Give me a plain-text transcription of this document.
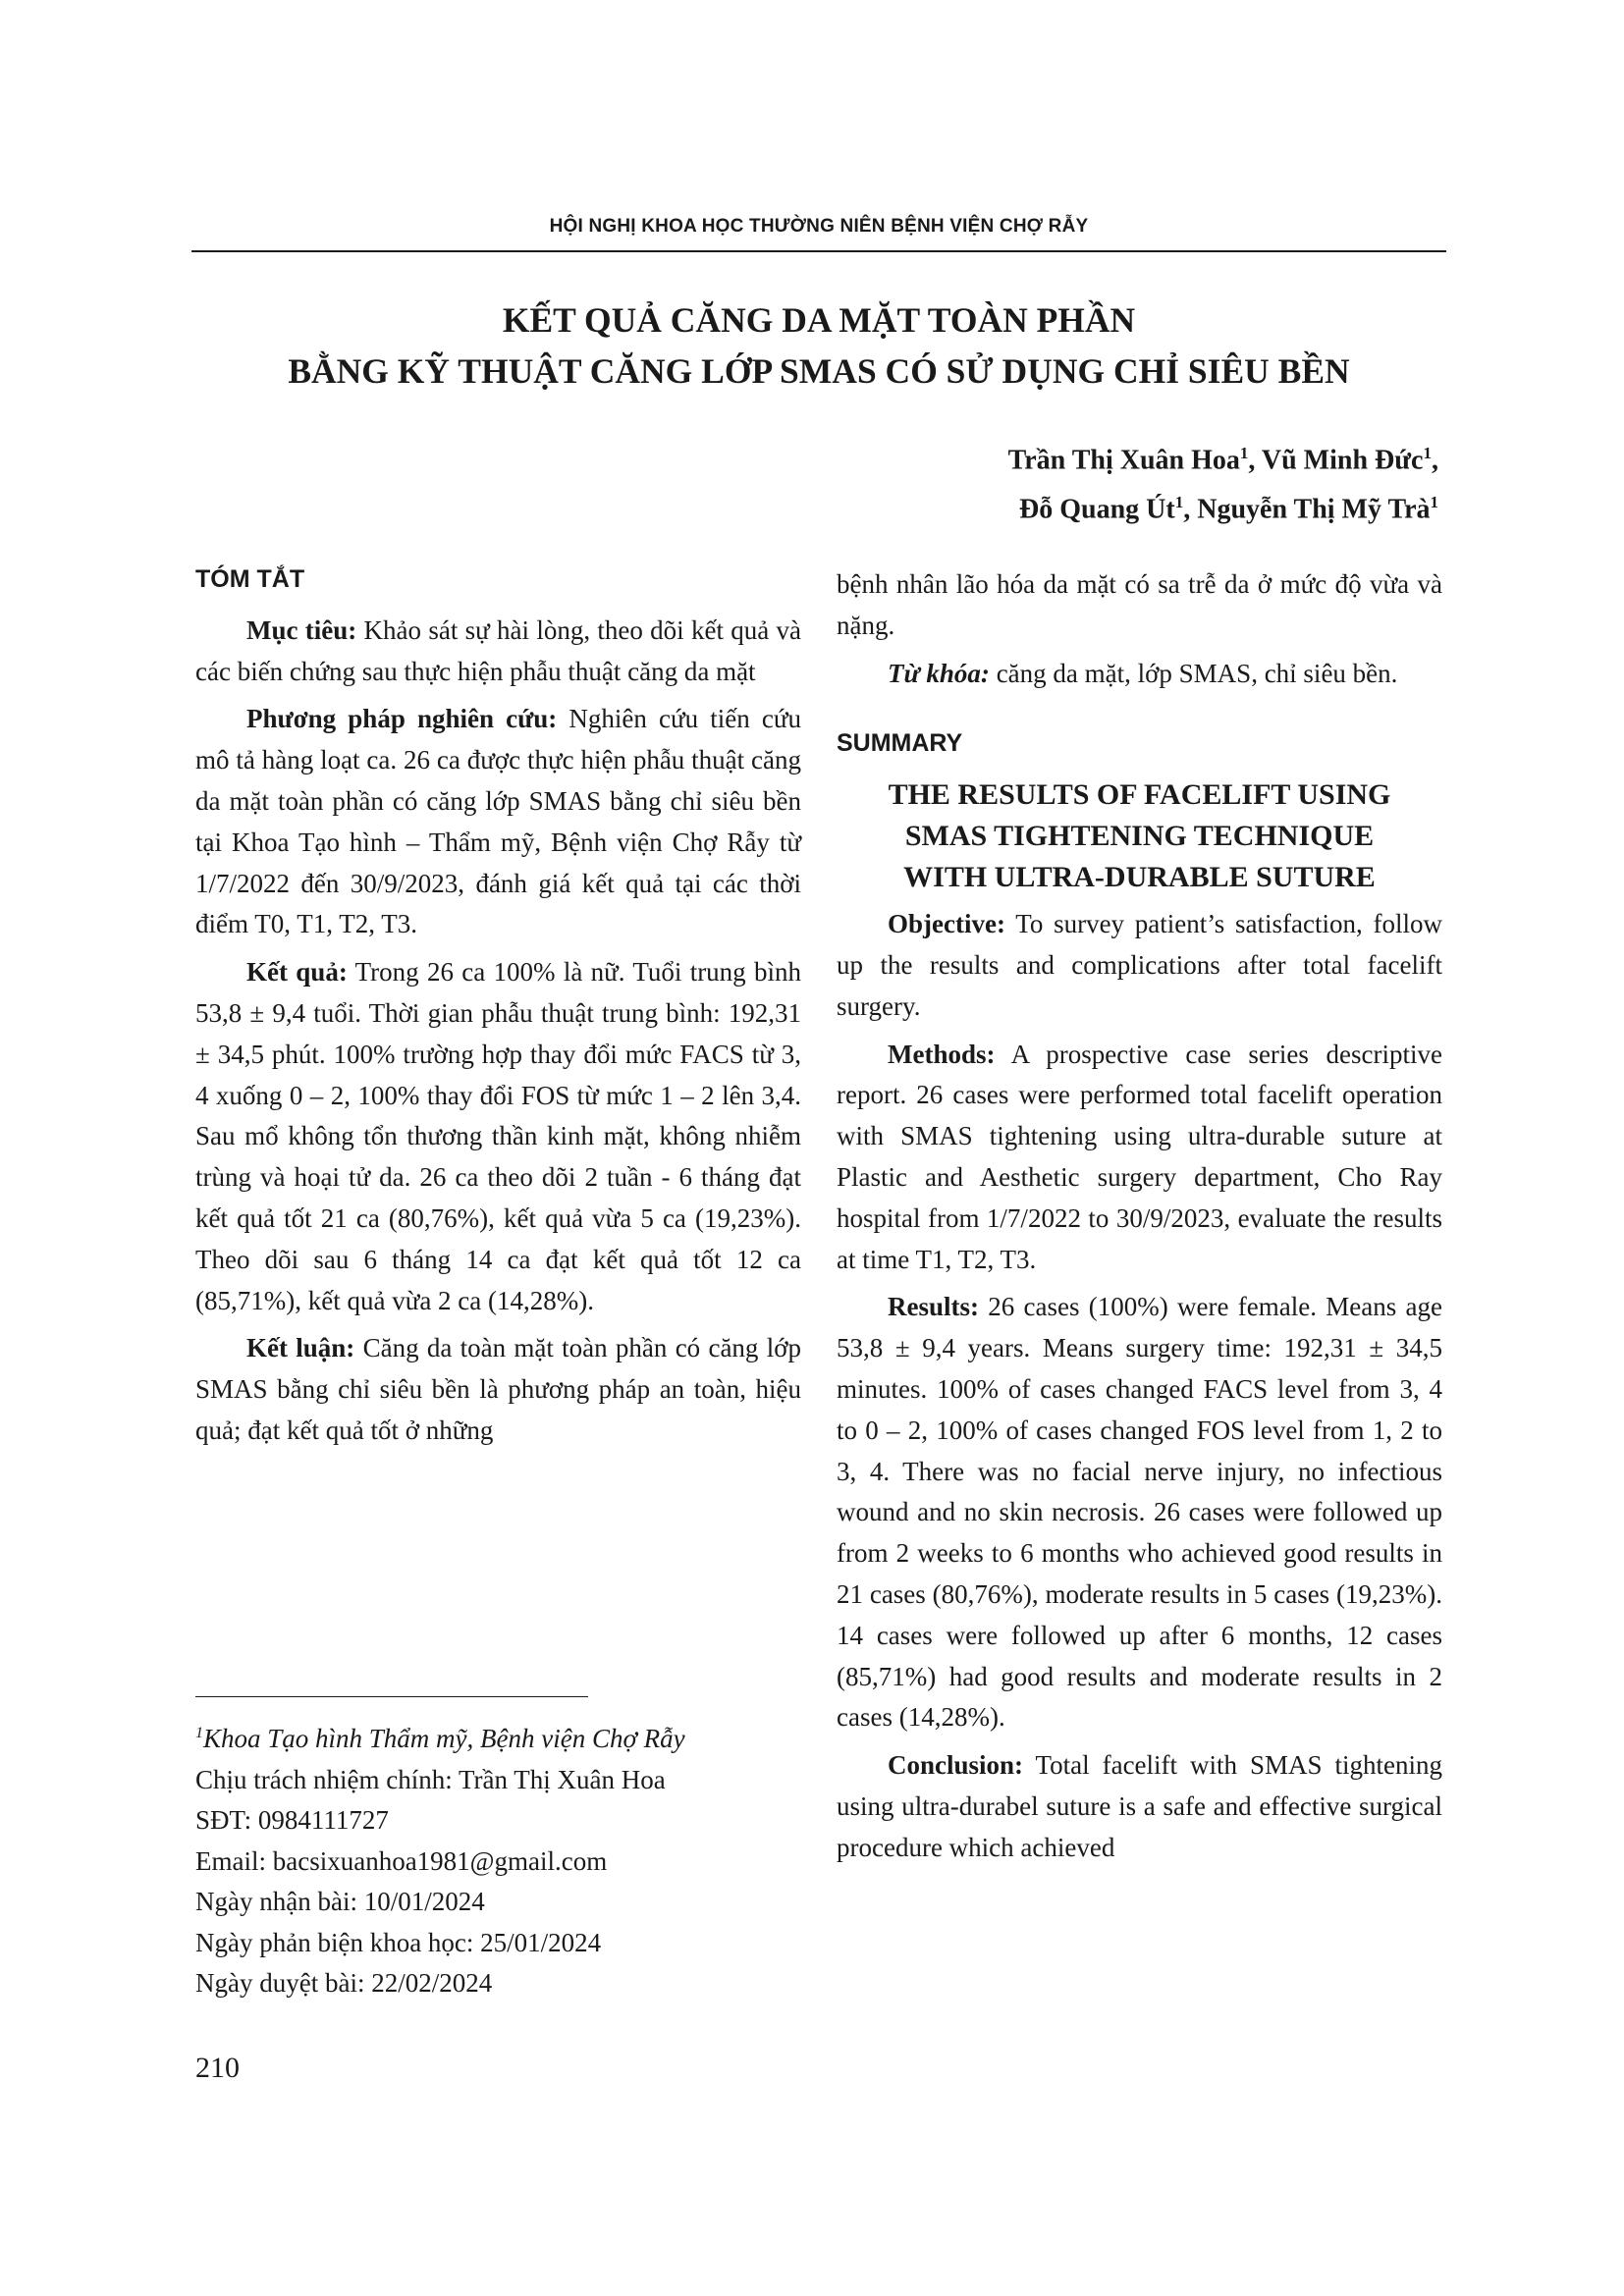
HỘI NGHỊ KHOA HỌC THƯỜNG NIÊN BỆNH VIỆN CHỢ RẪY
KẾT QUẢ CĂNG DA MẶT TOÀN PHẦN
BẰNG KỸ THUẬT CĂNG LỚP SMAS CÓ SỬ DỤNG CHỈ SIÊU BỀN
Trần Thị Xuân Hoa$^1$, Vũ Minh Đức$^1$,
Đỗ Quang $Út^1$, Nguyễn Thị Mỹ Trà$^1$
TÓM TẮT

Mục tiêu: Khảo sát sự hài lòng, theo dõi kết quả và các biến chứng sau thực hiện phẫu thuật căng da mặt

Phương pháp nghiên cứu: Nghiên cứu tiến cứu mô tả hàng loạt ca. 26 ca được thực hiện phẫu thuật căng da mặt toàn phần có căng lớp SMAS bằng chỉ siêu bền tại Khoa Tạo hình – Thẩm mỹ, Bệnh viện Chợ Rẫy từ 1/7/2022 đến 30/9/2023, đánh giá kết quả tại các thời điểm T0, T1, T2, T3.

Kết quả: Trong 26 ca 100% là nữ. Tuổi trung bình 53,8 ± 9,4 tuổi. Thời gian phẫu thuật trung bình: 192,31 ± 34,5 phút. 100% trường hợp thay đổi mức FACS từ 3, 4 xuống 0 – 2, 100% thay đổi FOS từ mức 1 – 2 lên 3,4. Sau mổ không tổn thương thần kinh mặt, không nhiễm trùng và hoại tử da. 26 ca theo dõi 2 tuần - 6 tháng đạt kết quả tốt 21 ca (80,76%), kết quả vừa 5 ca (19,23%). Theo dõi sau 6 tháng 14 ca đạt kết quả tốt 12 ca (85,71%), kết quả vừa 2 ca (14,28%).

Kết luận: Căng da toàn mặt toàn phần có căng lớp SMAS bằng chỉ siêu bền là phương pháp an toàn, hiệu quả; đạt kết quả tốt ở những

$^1$Khoa Tạo hình Thẩm mỹ, Bệnh viện Chợ Rẫy
Chịu trách nhiệm chính: Trần Thị Xuân Hoa
SĐT: 0984111727
Email: bacsixuanhoa1981@gmail.com
Ngày nhận bài: 10/01/2024
Ngày phản biện khoa học: 25/01/2024
Ngày duyệt bài: 22/02/2024

bệnh nhân lão hóa da mặt có sa trễ da ở mức độ vừa và nặng.

Từ khóa: căng da mặt, lớp SMAS, chỉ siêu bền.

SUMMARY
THE RESULTS OF FACELIFT USING
SMAS TIGHTENING TECHNIQUE
WITH ULTRA-DURABLE SUTURE

Objective: To survey patient’s satisfaction, follow up the results and complications after total facelift surgery.

Methods: A prospective case series descriptive report. 26 cases were performed total facelift operation with SMAS tightening using ultra-durable suture at Plastic and Aesthetic surgery department, Cho Ray hospital from 1/7/2022 to 30/9/2023, evaluate the results at time T1, T2, T3.

Results: 26 cases (100%) were female. Means age 53,8 ± 9,4 years. Means surgery time: 192,31 ± 34,5 minutes. 100% of cases changed FACS level from 3, 4 to 0 – 2, 100% of cases changed FOS level from 1, 2 to 3, 4. There was no facial nerve injury, no infectious wound and no skin necrosis. 26 cases were followed up from 2 weeks to 6 months who achieved good results in 21 cases (80,76%), moderate results in 5 cases (19,23%). 14 cases were followed up after 6 months, 12 cases (85,71%) had good results and moderate results in 2 cases (14,28%).

Conclusion: Total facelift with SMAS tightening using ultra-durabel suture is a safe and effective surgical procedure which achieved

210
